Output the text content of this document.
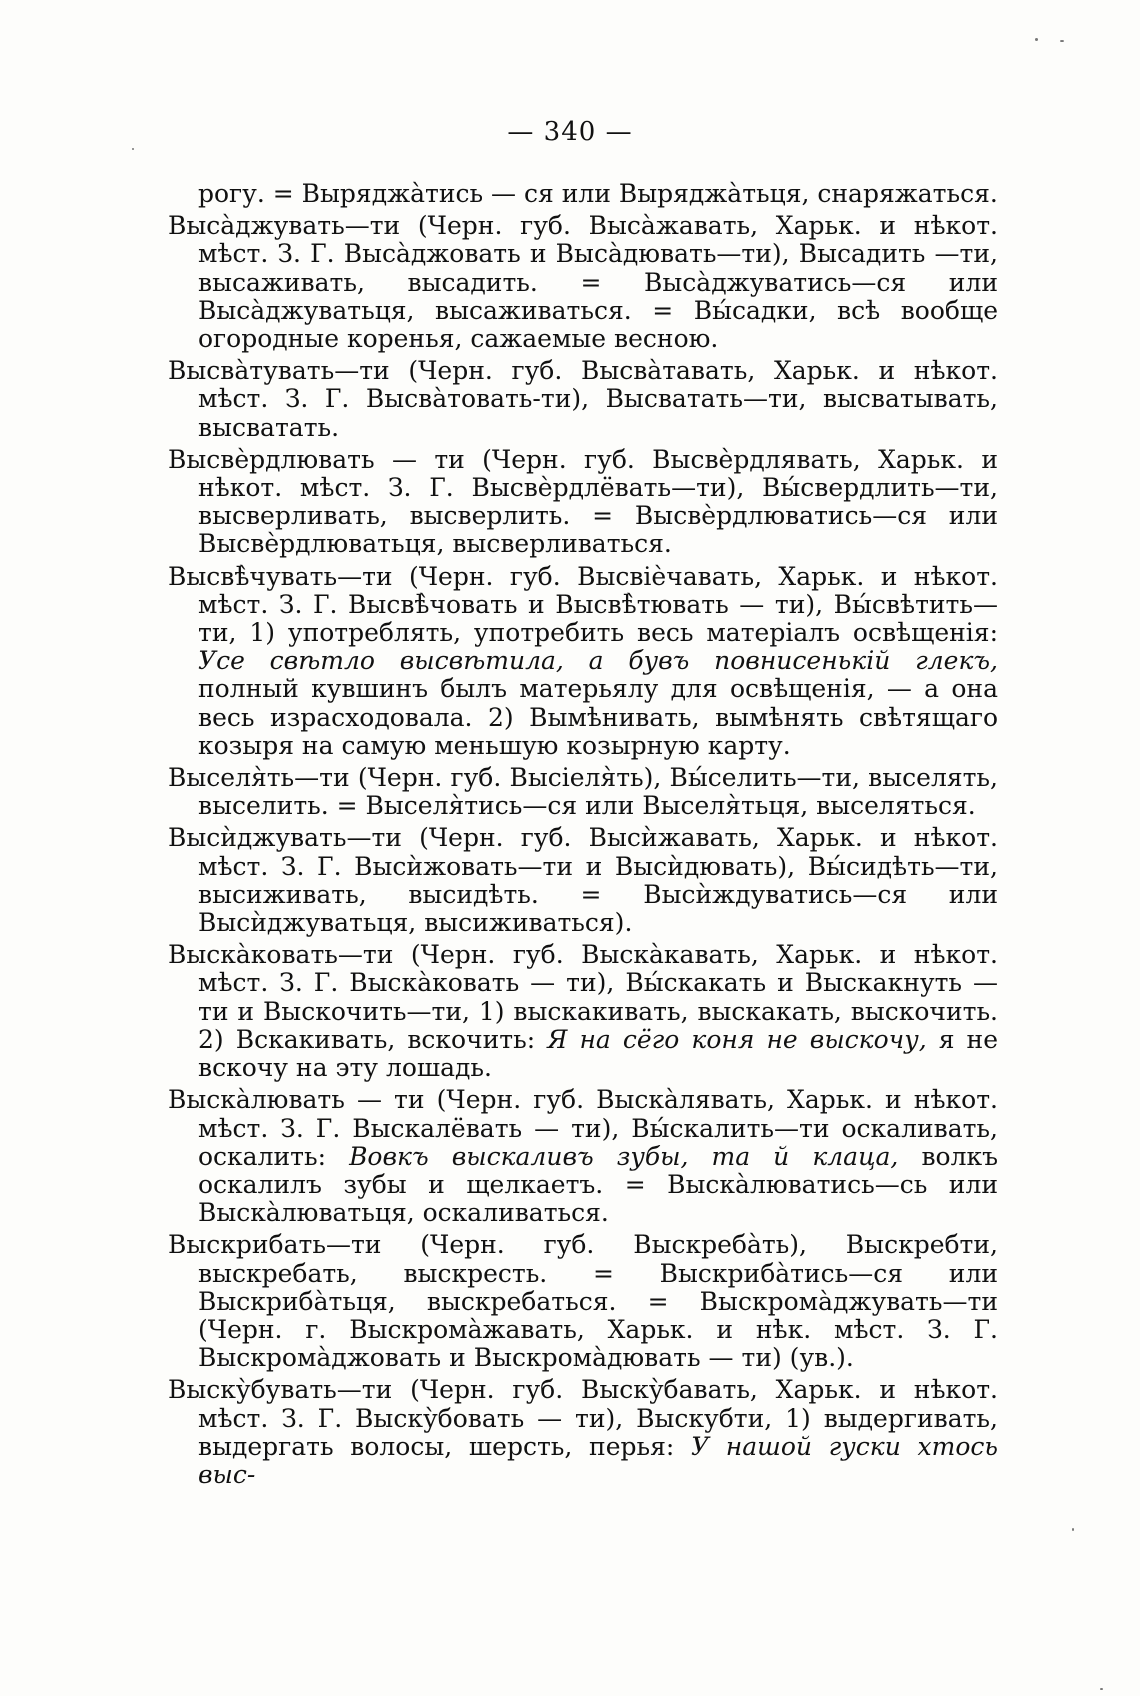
— 340 —

рогу. = Выряджа̀тись — ся или Выряджа̀тьця, снаряжаться.

Выса̀джувать—ти (Черн. губ. Выса̀жавать, Харьк. и нѣкот. мѣст. З. Г. Выса̀джовать и Выса̀дювать—ти), Высадить —ти, высаживать, высадить. = Выса̀джуватись—ся или Выса̀джуватьця, высаживаться. = Вы́садки, всѣ вообще огородные коренья, сажаемые весною.

Высва̀тувать—ти (Черн. губ. Высва̀тавать, Харьк. и нѣкот. мѣст. З. Г. Высва̀товать-ти), Высватать—ти, высватывать, высватать.

Высвѐрдлювать — ти (Черн. губ. Высвѐрдлявать, Харьк. и нѣкот. мѣст. З. Г. Высвѐрдлёвать—ти), Вы́свердлить—ти, высверливать, высверлить. = Высвѐрдлюватись—ся или Высвѐрдлюватьця, высверливаться.

Высвѣ̀чувать—ти (Черн. губ. Высвіѐчавать, Харьк. и нѣкот. мѣст. З. Г. Высвѣ̀човать и Высвѣ̀тювать — ти), Вы́свѣтить—ти, 1) употреблять, употребить весь матеріалъ освѣщенія: Усе свѣтло высвѣтила, а бувъ повнисенькій глекъ, полный кувшинъ былъ матерьялу для освѣщенія, — а она весь израсходовала. 2) Вымѣнивать, вымѣнять свѣтящаго козыря на самую меньшую козырную карту.

Выселя̀ть—ти (Черн. губ. Высіеля̀ть), Вы́селить—ти, выселять, выселить. = Выселя̀тись—ся или Выселя̀тьця, выселяться.

Высѝджувать—ти (Черн. губ. Высѝжавать, Харьк. и нѣкот. мѣст. З. Г. Высѝжовать—ти и Высѝдювать), Вы́сидѣть—ти, высиживать, высидѣть. = Высѝждуватись—ся или Высѝджуватьця, высиживаться).

Выска̀ковать—ти (Черн. губ. Выска̀кавать, Харьк. и нѣкот. мѣст. З. Г. Выска̀ковать — ти), Вы́скакать и Выскакнуть —ти и Выскочить—ти, 1) выскакивать, выскакать, выскочить. 2) Вскакивать, вскочить: Я на сёго коня не выскочу, я не вскочу на эту лошадь.

Выска̀лювать — ти (Черн. губ. Выска̀лявать, Харьк. и нѣкот. мѣст. З. Г. Выскалёвать — ти), Вы́скалить—ти оскаливать, оскалить: Вовкъ выскаливъ зубы, та й клаца, волкъ оскалилъ зубы и щелкаетъ. = Выска̀люватись—сь или Выска̀люватьця, оскаливаться.

Выскрибать—ти (Черн. губ. Выскреба̀ть), Выскребти, выскребать, выскресть. = Выскриба̀тись—ся или Выскриба̀тьця, выскребаться. = Выскрома̀джувать—ти (Черн. г. Выскрома̀жавать, Харьк. и нѣк. мѣст. З. Г. Выскрома̀джовать и Выскрома̀дювать — ти) (ув.).

Выску̀бувать—ти (Черн. губ. Выску̀бавать, Харьк. и нѣкот. мѣст. З. Г. Выску̀бовать — ти), Выскубти, 1) выдергивать, выдергать волосы, шерсть, перья: У нашой гуски хтось выс-
